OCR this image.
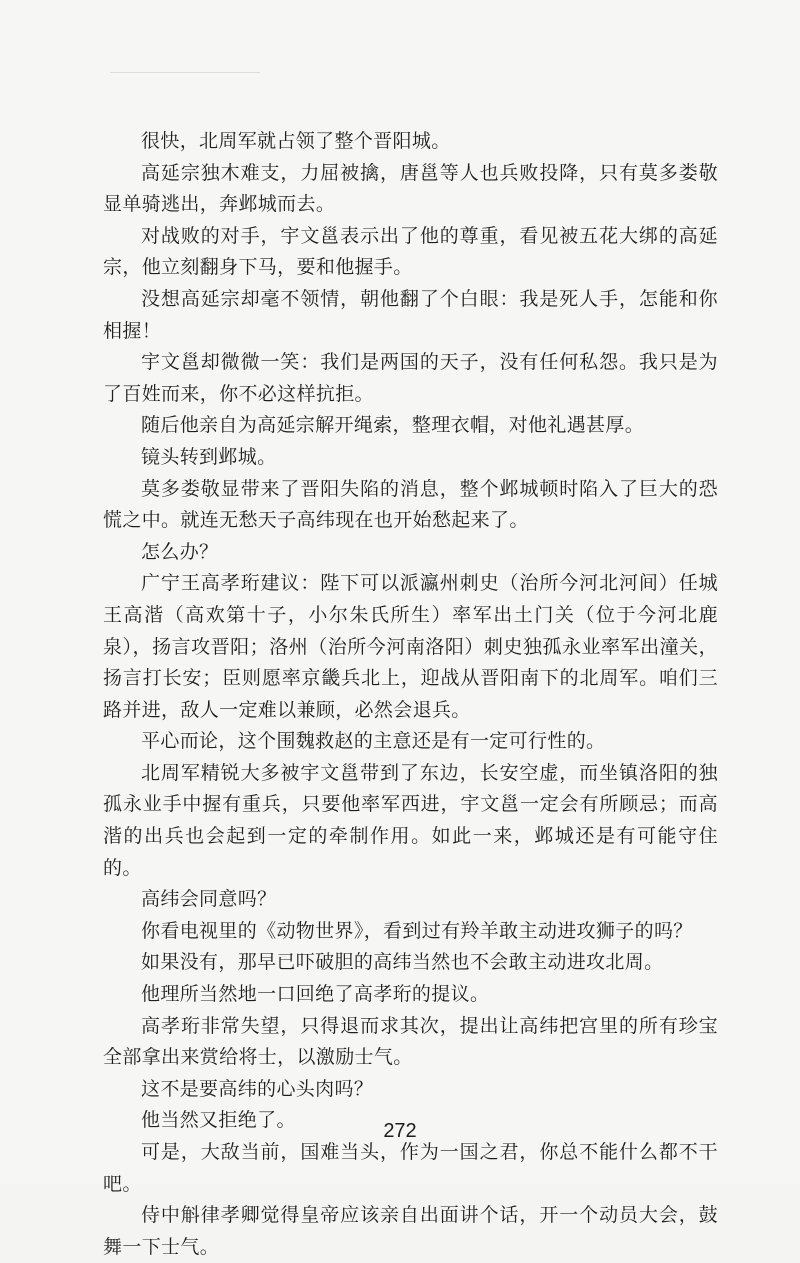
很快，北周军就占领了整个晋阳城。

高延宗独木难支，力屈被擒，唐邕等人也兵败投降，只有莫多娄敬显单骑逃出，奔邺城而去。

对战败的对手，宇文邕表示出了他的尊重，看见被五花大绑的高延宗，他立刻翻身下马，要和他握手。

没想高延宗却毫不领情，朝他翻了个白眼：我是死人手，怎能和你相握！

宇文邕却微微一笑：我们是两国的天子，没有任何私怨。我只是为了百姓而来，你不必这样抗拒。

随后他亲自为高延宗解开绳索，整理衣帽，对他礼遇甚厚。

镜头转到邺城。

莫多娄敬显带来了晋阳失陷的消息，整个邺城顿时陷入了巨大的恐慌之中。就连无愁天子高纬现在也开始愁起来了。

怎么办？

广宁王高孝珩建议：陛下可以派瀛州刺史（治所今河北河间）任城王高湝（高欢第十子，小尔朱氏所生）率军出土门关（位于今河北鹿泉），扬言攻晋阳；洛州（治所今河南洛阳）刺史独孤永业率军出潼关，扬言打长安；臣则愿率京畿兵北上，迎战从晋阳南下的北周军。咱们三路并进，敌人一定难以兼顾，必然会退兵。

平心而论，这个围魏救赵的主意还是有一定可行性的。

北周军精锐大多被宇文邕带到了东边，长安空虚，而坐镇洛阳的独孤永业手中握有重兵，只要他率军西进，宇文邕一定会有所顾忌；而高湝的出兵也会起到一定的牵制作用。如此一来，邺城还是有可能守住的。

高纬会同意吗？

你看电视里的《动物世界》，看到过有羚羊敢主动进攻狮子的吗？

如果没有，那早已吓破胆的高纬当然也不会敢主动进攻北周。

他理所当然地一口回绝了高孝珩的提议。

高孝珩非常失望，只得退而求其次，提出让高纬把宫里的所有珍宝全部拿出来赏给将士，以激励士气。

这不是要高纬的心头肉吗？

他当然又拒绝了。

可是，大敌当前，国难当头，作为一国之君，你总不能什么都不干吧。

侍中斛律孝卿觉得皇帝应该亲自出面讲个话，开一个动员大会，鼓舞一下士气。

272
